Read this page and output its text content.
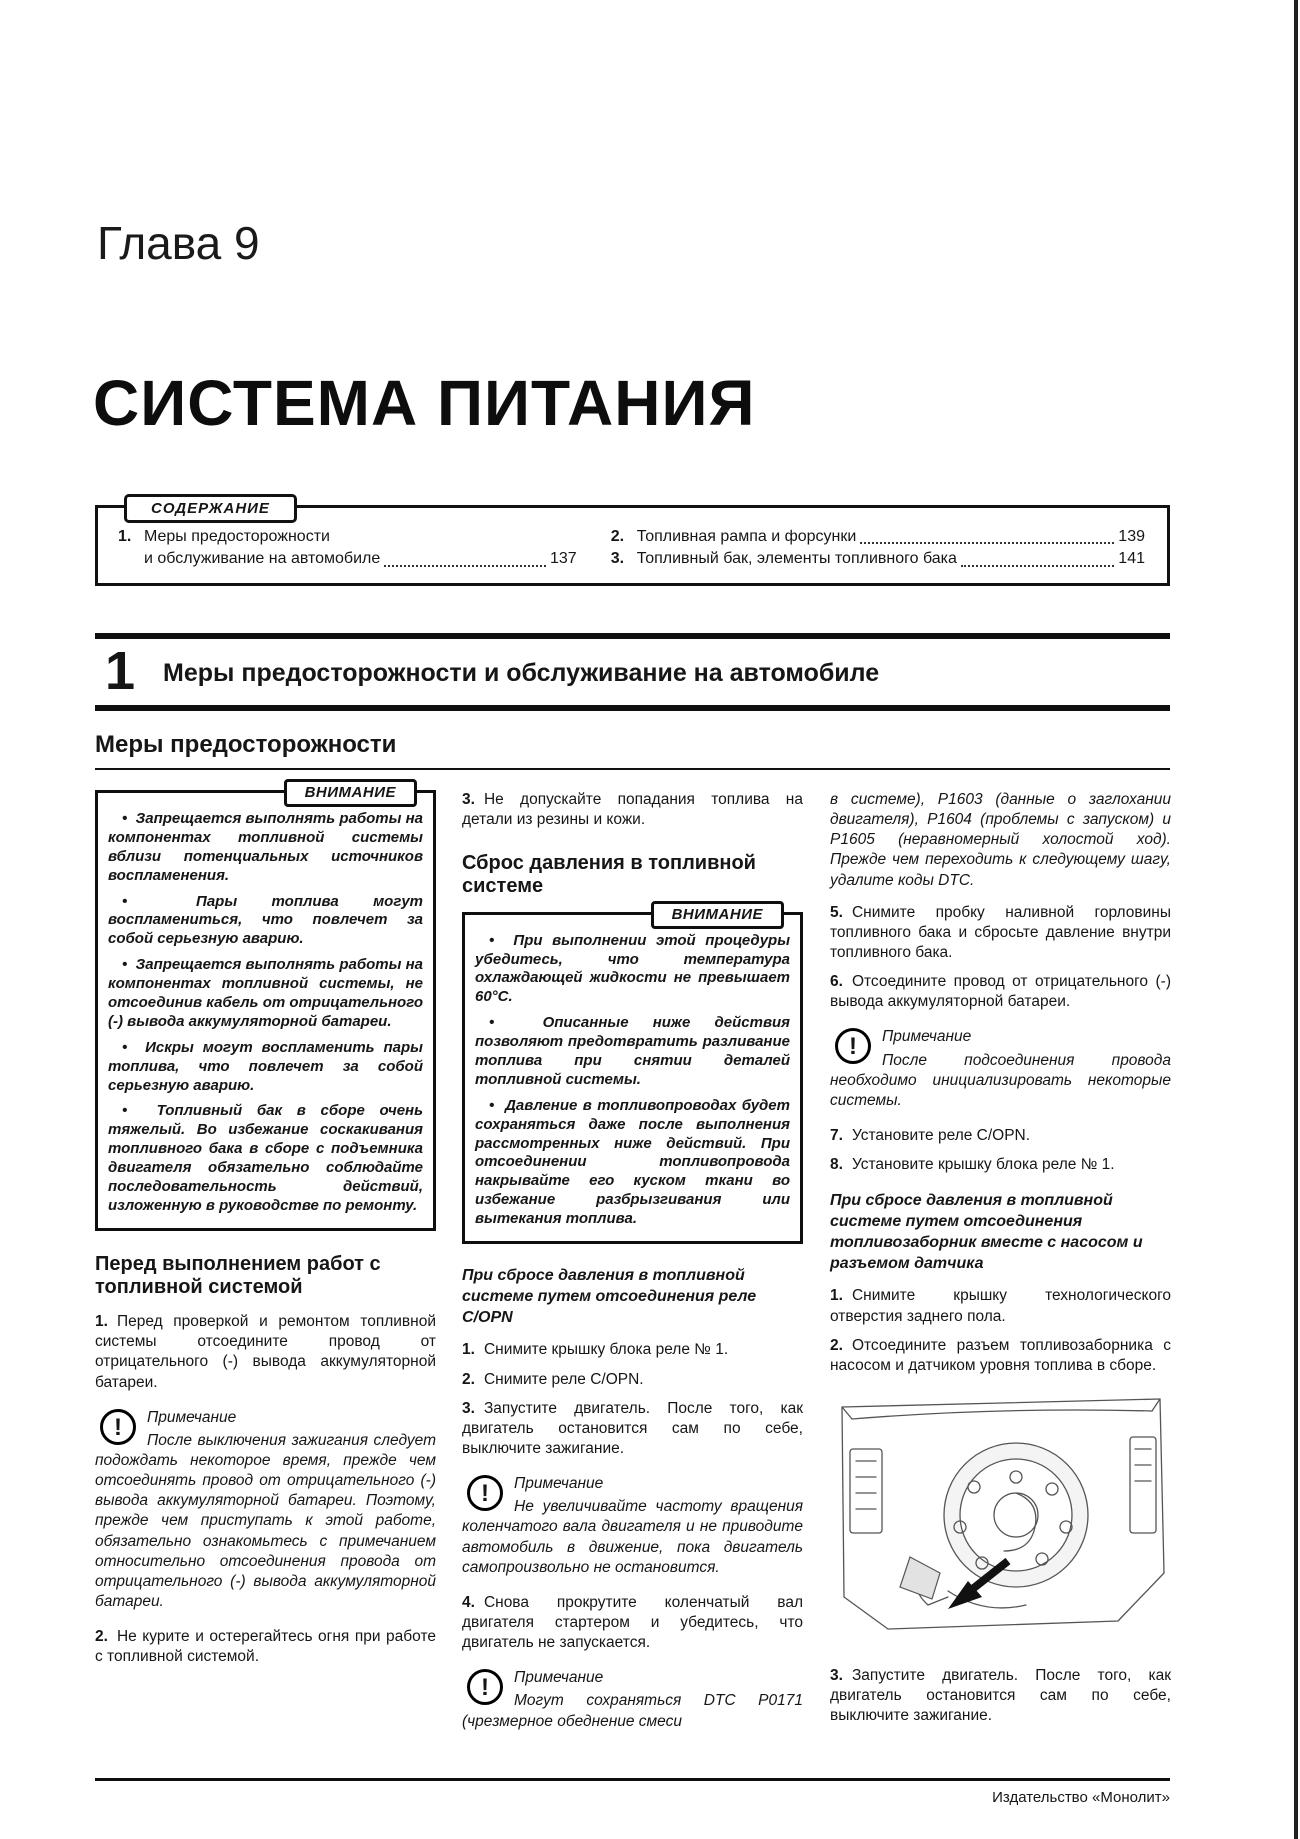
Глава 9
СИСТЕМА ПИТАНИЯ
СОДЕРЖАНИЕ
1. Меры предосторожности
и обслуживание на автомобиле	137
2. Топливная рампа и форсунки	139
3. Топливный бак, элементы топливного бака	141
1 Меры предосторожности и обслуживание на автомобиле
Меры предосторожности
ВНИМАНИЕ

•  Запрещается выполнять работы на компонентах топливной системы вблизи потенциальных источников воспламенения.

•  Пары топлива могут воспламениться, что повлечет за собой серьезную аварию.

•  Запрещается выполнять работы на компонентах топливной системы, не отсоединив кабель от отрицательного (-) вывода аккумуляторной батареи.

•  Искры могут воспламенить пары топлива, что повлечет за собой серьезную аварию.

•  Топливный бак в сборе очень тяжелый. Во избежание соскакивания топливного бака в сборе с подъемника двигателя обязательно соблюдайте последовательность действий, изложенную в руководстве по ремонту.

Перед выполнением работ с топливной системой

1. Перед проверкой и ремонтом топливной системы отсоедините провод от отрицательного (-) вывода аккумуляторной батареи.

!	Примечание
После выключения зажигания следует подождать некоторое время, прежде чем отсоединять провод от отрицательного (-) вывода аккумуляторной батареи. Поэтому, прежде чем приступать к этой работе, обязательно ознакомьтесь с примечанием относительно отсоединения провода от отрицательного (-) вывода аккумуляторной батареи.

2. Не курите и остерегайтесь огня при работе с топливной системой.

3. Не допускайте попадания топлива на детали из резины и кожи.

Сброс давления в топливной системе
ВНИМАНИЕ

•  При выполнении этой процедуры убедитесь, что температура охлаждающей жидкости не превышает 60°С.

•  Описанные ниже действия позволяют предотвратить разливание топлива при снятии деталей топливной системы.

•  Давление в топливопроводах будет сохраняться даже после выполнения рассмотренных ниже действий. При отсоединении топливопровода накрывайте его куском ткани во избежание разбрызгивания или вытекания топлива.

При сбросе давления в топливной системе путем отсоединения реле C/OPN

1. Снимите крышку блока реле № 1.

2. Снимите реле C/OPN.

3. Запустите двигатель. После того, как двигатель остановится сам по себе, выключите зажигание.

!	Примечание
Не увеличивайте частоту вращения коленчатого вала двигателя и не приводите автомобиль в движение, пока двигатель самопроизвольно не остановится.

4. Снова прокрутите коленчатый вал двигателя стартером и убедитесь, что двигатель не запускается.

!	Примечание
Могут сохраняться DTC P0171 (чрезмерное обеднение смеси

в системе), P1603 (данные о заглохании двигателя), P1604 (проблемы с запуском) и P1605 (неравномерный холостой ход). Прежде чем переходить к следующему шагу, удалите коды DTC.

5. Снимите пробку наливной горловины топливного бака и сбросьте давление внутри топливного бака.

6. Отсоедините провод от отрицательного (-) вывода аккумуляторной батареи.

!	Примечание
После подсоединения провода необходимо инициализировать некоторые системы.

7. Установите реле C/OPN.

8. Установите крышку блока реле № 1.

При сбросе давления в топливной системе путем отсоединения топливозаборник вместе с насосом и разъемом датчика

1. Снимите крышку технологического отверстия заднего пола.

2. Отсоедините разъем топливозаборника с насосом и датчиком уровня топлива в сборе.

3. Запустите двигатель. После того, как двигатель остановится сам по себе, выключите зажигание.

Издательство «Монолит»
